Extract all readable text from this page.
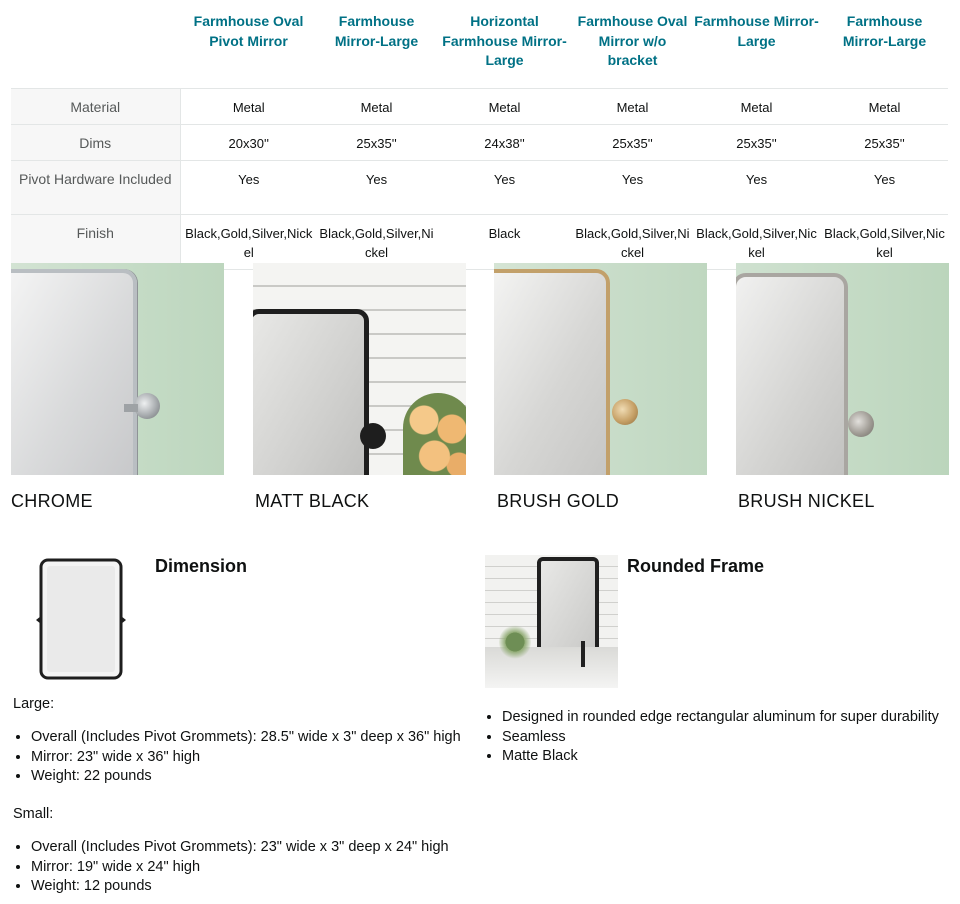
	Farmhouse Oval Pivot Mirror	Farmhouse Mirror-Large	Horizontal Farmhouse Mirror-Large	Farmhouse Oval Mirror w/o bracket	Farmhouse Mirror-Large	Farmhouse Mirror-Large
Material	Metal	Metal	Metal	Metal	Metal	Metal
Dims	20x30''	25x35''	24x38''	25x35''	25x35''	25x35''
Pivot Hardware Included	Yes	Yes	Yes	Yes	Yes	Yes
Finish	Black,Gold,Silver,Nickel	Black,Gold,Silver,Nickel	Black	Black,Gold,Silver,Nickel	Black,Gold,Silver,Nickel	Black,Gold,Silver,Nickel
CHROME	MATT BLACK	BRUSH GOLD	BRUSH NICKEL
Dimension
Large:
• Overall (Includes Pivot Grommets): 28.5" wide x 3" deep x 36" high
• Mirror: 23" wide x 36" high
• Weight: 22 pounds
Small:
• Overall (Includes Pivot Grommets): 23" wide x 3" deep x 24" high
• Mirror: 19" wide x 24" high
• Weight: 12 pounds
Rounded Frame
• Designed in rounded edge rectangular aluminum for super durability
• Seamless
• Matte Black
